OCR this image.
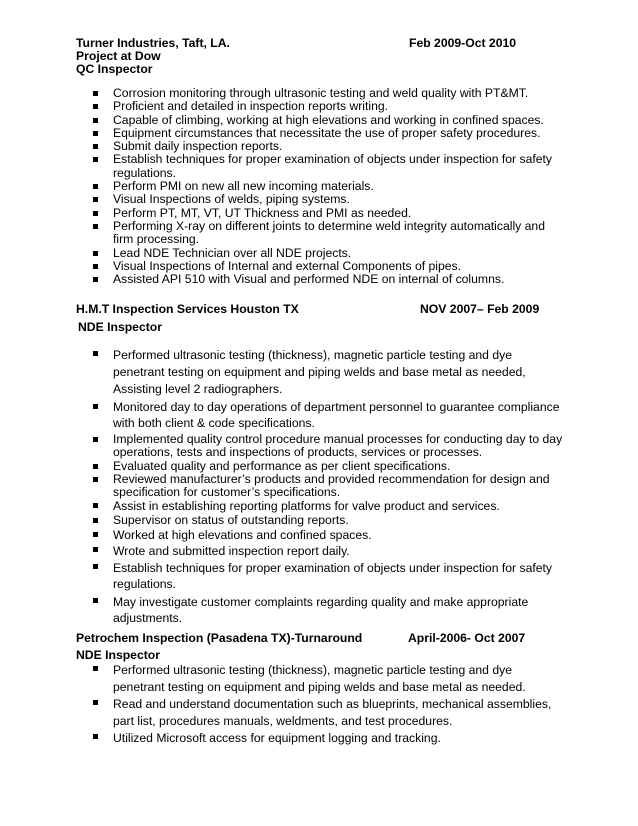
Turner Industries, Taft, LA.	Feb 2009-Oct 2010
Project at Dow
QC Inspector
Corrosion monitoring through ultrasonic testing and weld quality with PT&MT.
Proficient and detailed in inspection reports writing.
Capable of climbing, working at high elevations and working in confined spaces.
Equipment circumstances that necessitate the use of proper safety procedures.
Submit daily inspection reports.
Establish techniques for proper examination of objects under inspection for safety regulations.
Perform PMI on new all new incoming materials.
Visual Inspections of welds, piping systems.
Perform PT, MT, VT, UT Thickness and PMI as needed.
Performing X-ray on different joints to determine weld integrity automatically and firm processing.
Lead NDE Technician over all NDE projects.
Visual Inspections of Internal and external Components of pipes.
Assisted API 510 with Visual and performed NDE on internal of columns.
H.M.T Inspection Services Houston TX	NOV 2007– Feb 2009
NDE Inspector
Performed ultrasonic testing (thickness), magnetic particle testing and dye penetrant testing on equipment and piping welds and base metal as needed, Assisting level 2 radiographers.
Monitored day to day operations of department personnel to guarantee compliance with both client & code specifications.
Implemented quality control procedure manual processes for conducting day to day operations, tests and inspections of products, services or processes.
Evaluated quality and performance as per client specifications.
Reviewed manufacturer’s products and provided recommendation for design and specification for customer’s specifications.
Assist in establishing reporting platforms for valve product and services.
Supervisor on status of outstanding reports.
Worked at high elevations and confined spaces.
Wrote and submitted inspection report daily.
Establish techniques for proper examination of objects under inspection for safety regulations.
May investigate customer complaints regarding quality and make appropriate adjustments.
Petrochem Inspection (Pasadena TX)-Turnaround	April-2006- Oct 2007
NDE Inspector
Performed ultrasonic testing (thickness), magnetic particle testing and dye penetrant testing on equipment and piping welds and base metal as needed.
Read and understand documentation such as blueprints, mechanical assemblies, part list, procedures manuals, weldments, and test procedures.
Utilized Microsoft access for equipment logging and tracking.
